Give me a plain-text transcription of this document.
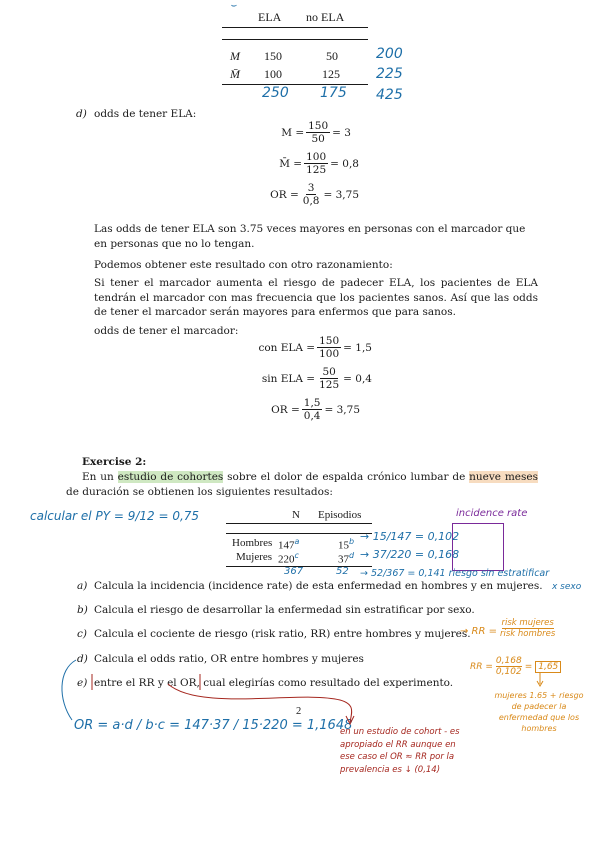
⌣
ELA no ELA
M 150	50	200
M̄ 100	125	225
250 175 425
d) odds de tener ELA:
$M = \frac{150}{50} = 3$
M̄ = $\frac{100}{125} = 0,8$
OR = $\frac{3}{0,8} = 3,75$
Las odds de tener ELA son 3.75 veces mayores en personas con el marcador que en personas que no lo tengan.
Podemos obtener este resultado con otro razonamiento:
Si tener el marcador aumenta el riesgo de padecer ELA, los pacientes de ELA tendrán el marcador con mas frecuencia que los pacientes sanos. Así que las odds de tener el marcador serán mayores para enfermos que para sanos.
odds de tener el marcador:
con ELA = $\frac{150}{100} = 1,5$
sin ELA = $\frac{50}{125} = 0,4$
OR = $\frac{1,5}{0,4} = 3,75$
Exercise 2:
En un estudio de cohortes sobre el dolor de espalda crónico lumbar de nueve meses de duración se obtienen los siguientes resultados:
calcular el PY = 9/12 = 0,75	N Episodios
Hombres 147$^a$	15$^b$
Mujeres 220$^c$	37$^d$
367	52
incidence rate
→ 15/147 = 0,102
→ 37/220 = 0,168
→ 52/367 = 0,141 riesgo sin estratificar
x sexo
a) Calcula la incidencia (incidence rate) de esta enfermedad en hombres y en mujeres.
b) Calcula el riesgo de desarrollar la enfermedad sin estratificar por sexo.
c) Calcula el cociente de riesgo (risk ratio, RR) entre hombres y mujeres.
d) Calcula el odds ratio, OR entre hombres y mujeres
e) entre el RR y el OR, cual elegirías como resultado del experimento.
→ RR =
risk mujeres
risk hombres
RR = $\frac{0,168}{0,102} = 1,65$
mujeres 1.65 + riesgo de padecer la enfermedad que los hombres
2
OR = a·d / b·c = 147·37 / 15·220 = 1,1648
en un estudio de cohort - es apropiado el RR aunque en ese caso el OR ≈ RR por la prevalencia es ↓ (0,14)
